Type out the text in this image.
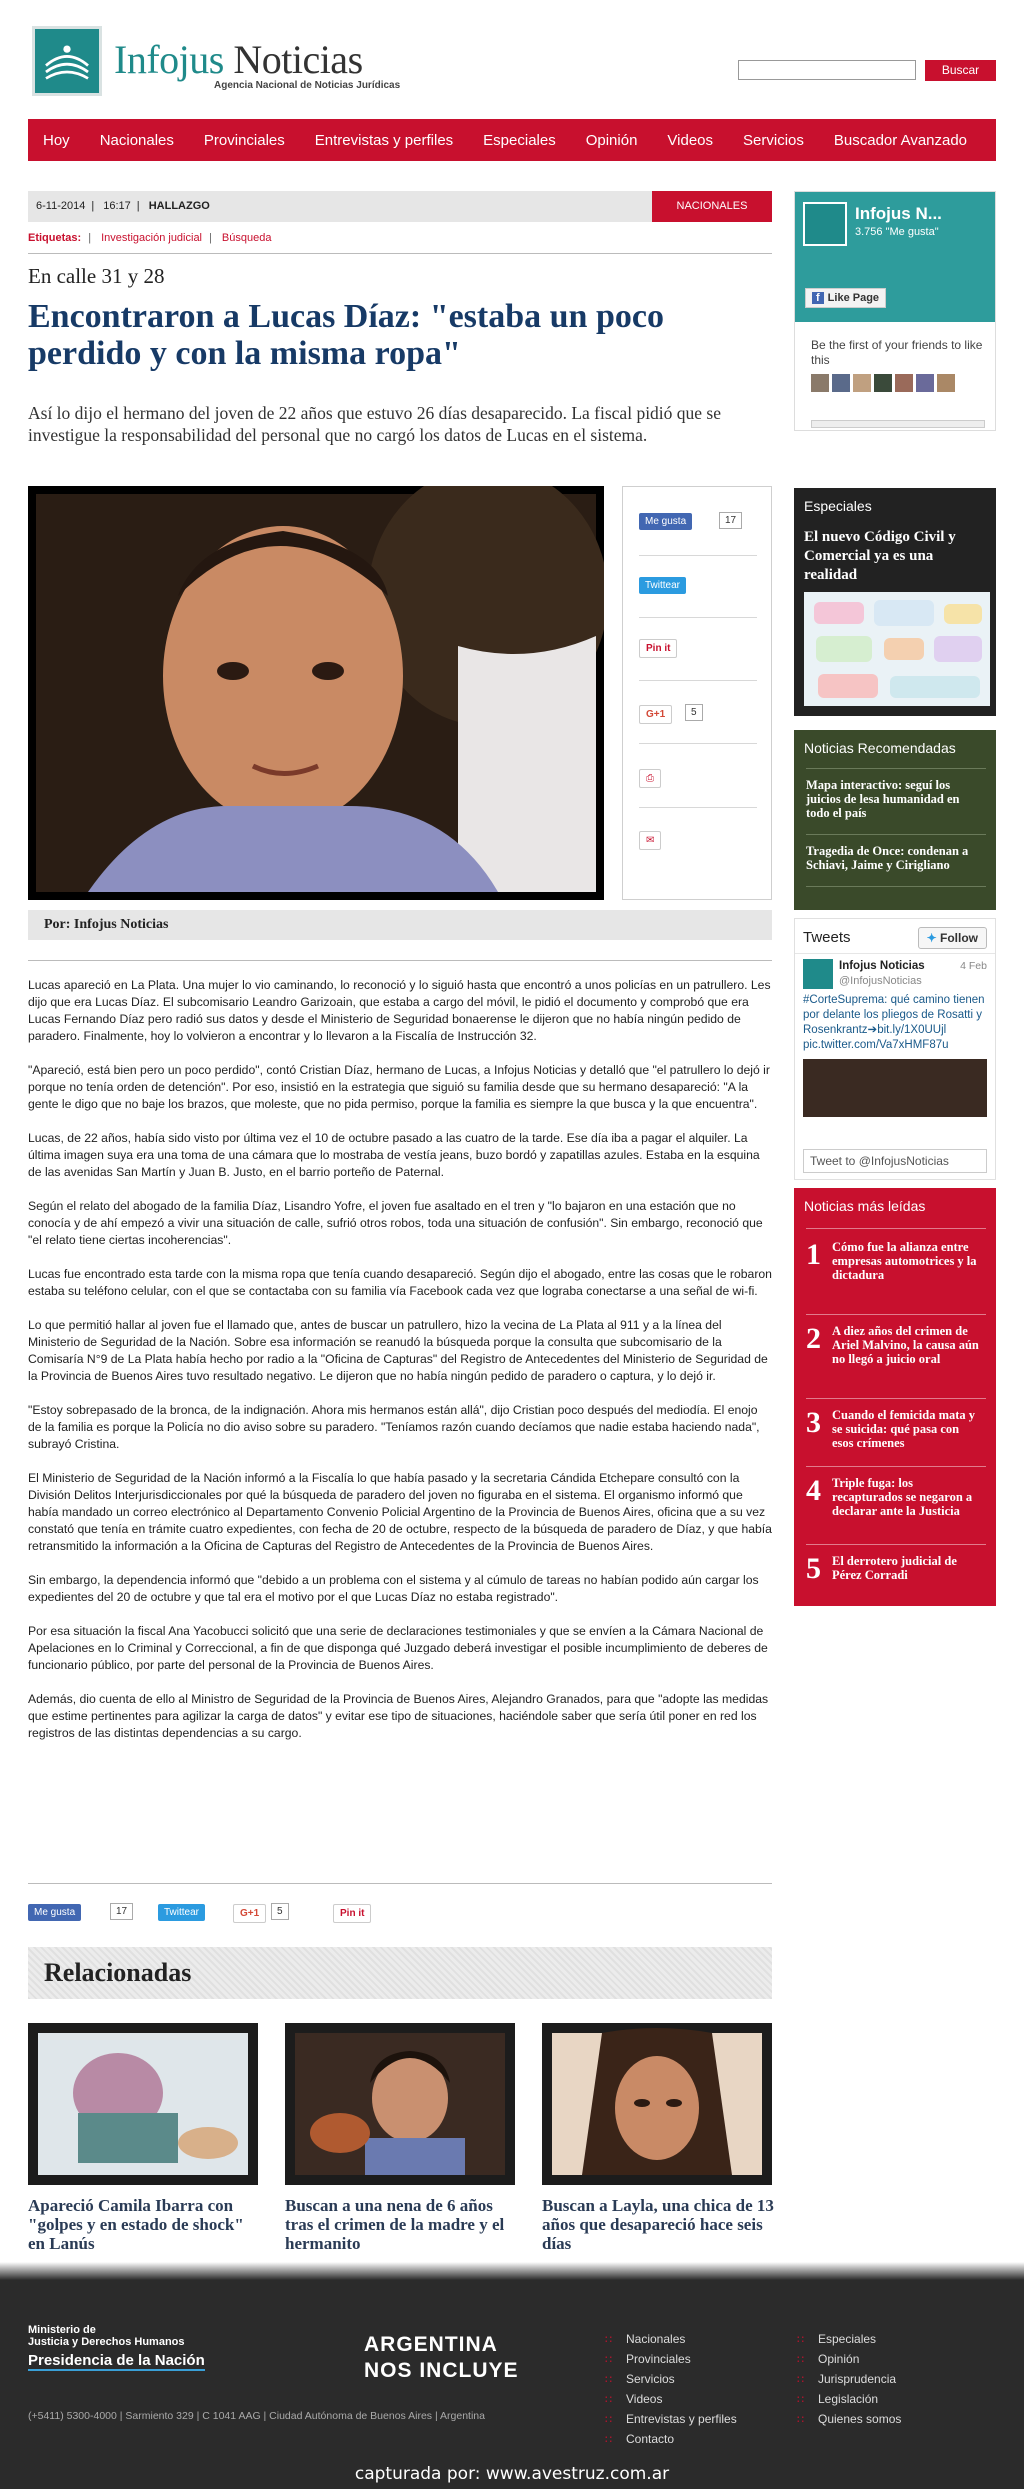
Infojus Noticias
Agencia Nacional de Noticias Jurídicas
Buscar
Hoy	Nacionales	Provinciales	Entrevistas y perfiles	Especiales	Opinión	Videos	Servicios	Buscador Avanzado
6-11-2014 | 16:17 | HALLAZGO	NACIONALES
Etiquetas: | Investigación judicial | Búsqueda
En calle 31 y 28
Encontraron a Lucas Díaz: "estaba un poco perdido y con la misma ropa"
Así lo dijo el hermano del joven de 22 años que estuvo 26 días desaparecido. La fiscal pidió que se investigue la responsabilidad del personal que no cargó los datos de Lucas en el sistema.
Me gusta	17
Twittear
Pin it
G+1	5
⎙
✉
Por: Infojus Noticias

Lucas apareció en La Plata. Una mujer lo vio caminando, lo reconoció y lo siguió hasta que encontró a unos policías en un patrullero. Les dijo que era Lucas Díaz. El subcomisario Leandro Garizoain, que estaba a cargo del móvil, le pidió el documento y comprobó que era Lucas Fernando Díaz pero radió sus datos y desde el Ministerio de Seguridad bonaerense le dijeron que no había ningún pedido de paradero. Finalmente, hoy lo volvieron a encontrar y lo llevaron a la Fiscalía de Instrucción 32.

"Apareció, está bien pero un poco perdido", contó Cristian Díaz, hermano de Lucas, a Infojus Noticias y detalló que "el patrullero lo dejó ir porque no tenía orden de detención". Por eso, insistió en la estrategia que siguió su familia desde que su hermano desapareció: "A la gente le digo que no baje los brazos, que moleste, que no pida permiso, porque la familia es siempre la que busca y la que encuentra".

Lucas, de 22 años, había sido visto por última vez el 10 de octubre pasado a las cuatro de la tarde. Ese día iba a pagar el alquiler. La última imagen suya era una toma de una cámara que lo mostraba de vestía jeans, buzo bordó y zapatillas azules. Estaba en la esquina de las avenidas San Martín y Juan B. Justo, en el barrio porteño de Paternal.

Según el relato del abogado de la familia Díaz, Lisandro Yofre, el joven fue asaltado en el tren y "lo bajaron en una estación que no conocía y de ahí empezó a vivir una situación de calle, sufrió otros robos, toda una situación de confusión". Sin embargo, reconoció que "el relato tiene ciertas incoherencias".

Lucas fue encontrado esta tarde con la misma ropa que tenía cuando desapareció. Según dijo el abogado, entre las cosas que le robaron estaba su teléfono celular, con el que se contactaba con su familia vía Facebook cada vez que lograba conectarse a una señal de wi-fi.

Lo que permitió hallar al joven fue el llamado que, antes de buscar un patrullero, hizo la vecina de La Plata al 911 y a la línea del Ministerio de Seguridad de la Nación. Sobre esa información se reanudó la búsqueda porque la consulta que subcomisario de la Comisaría N°9 de La Plata había hecho por radio a la "Oficina de Capturas" del Registro de Antecedentes del Ministerio de Seguridad de la Provincia de Buenos Aires tuvo resultado negativo. Le dijeron que no había ningún pedido de paradero o captura, y lo dejó ir.

"Estoy sobrepasado de la bronca, de la indignación. Ahora mis hermanos están allá", dijo Cristian poco después del mediodía. El enojo de la familia es porque la Policía no dio aviso sobre su paradero. "Teníamos razón cuando decíamos que nadie estaba haciendo nada", subrayó Cristina.

El Ministerio de Seguridad de la Nación informó a la Fiscalía lo que había pasado y la secretaria Cándida Etchepare consultó con la División Delitos Interjurisdiccionales por qué la búsqueda de paradero del joven no figuraba en el sistema. El organismo informó que había mandado un correo electrónico al Departamento Convenio Policial Argentino de la Provincia de Buenos Aires, oficina que a su vez constató que tenía en trámite cuatro expedientes, con fecha de 20 de octubre, respecto de la búsqueda de paradero de Díaz, y que había retransmitido la información a la Oficina de Capturas del Registro de Antecedentes de la Provincia de Buenos Aires.

Sin embargo, la dependencia informó que "debido a un problema con el sistema y al cúmulo de tareas no habían podido aún cargar los expedientes del 20 de octubre y que tal era el motivo por el que Lucas Díaz no estaba registrado".

Por esa situación la fiscal Ana Yacobucci solicitó que una serie de declaraciones testimoniales y que se envíen a la Cámara Nacional de Apelaciones en lo Criminal y Correccional, a fin de que disponga qué Juzgado deberá investigar el posible incumplimiento de deberes de funcionario público, por parte del personal de la Provincia de Buenos Aires.

Además, dio cuenta de ello al Ministro de Seguridad de la Provincia de Buenos Aires, Alejandro Granados, para que "adopte las medidas que estime pertinentes para agilizar la carga de datos" y evitar ese tipo de situaciones, haciéndole saber que sería útil poner en red los registros de las distintas dependencias a su cargo.

Me gusta	17	Twittear	G+1	5	Pin it
Relacionadas
Apareció Camila Ibarra con "golpes y en estado de shock" en Lanús
Buscan a una nena de 6 años tras el crimen de la madre y el hermanito
Buscan a Layla, una chica de 13 años que desapareció hace seis días
Infojus N...
3.756 "Me gusta"
f Like Page
Be the first of your friends to like this
Especiales
El nuevo Código Civil y Comercial ya es una realidad
Noticias Recomendadas
Mapa interactivo: seguí los juicios de lesa humanidad en todo el país
Tragedia de Once: condenan a Schiavi, Jaime y Cirigliano
Tweets	✦ Follow
Infojus Noticias
@InfojusNoticias
4 Feb
#CorteSuprema: qué camino tienen por delante los pliegos de Rosatti y Rosenkrantz➔bit.ly/1X0UUjl pic.twitter.com/Va7xHMF87u
Tweet to @InfojusNoticias
Noticias más leídas
1 Cómo fue la alianza entre empresas automotrices y la dictadura
2 A diez años del crimen de Ariel Malvino, la causa aún no llegó a juicio oral
3 Cuando el femicida mata y se suicida: qué pasa con esos crímenes
4 Triple fuga: los recapturados se negaron a declarar ante la Justicia
5 El derrotero judicial de Pérez Corradi
Ministerio de
Justicia y Derechos Humanos
Presidencia de la Nación
ARGENTINA
NOS INCLUYE
(+5411) 5300-4000 | Sarmiento 329 | C 1041 AAG | Ciudad Autónoma de Buenos Aires | Argentina
∷ Nacionales
∷ Provinciales
∷ Servicios
∷ Videos
∷ Entrevistas y perfiles
∷ Contacto
∷ Especiales
∷ Opinión
∷ Jurisprudencia
∷ Legislación
∷ Quienes somos
capturada por: www.avestruz.com.ar
